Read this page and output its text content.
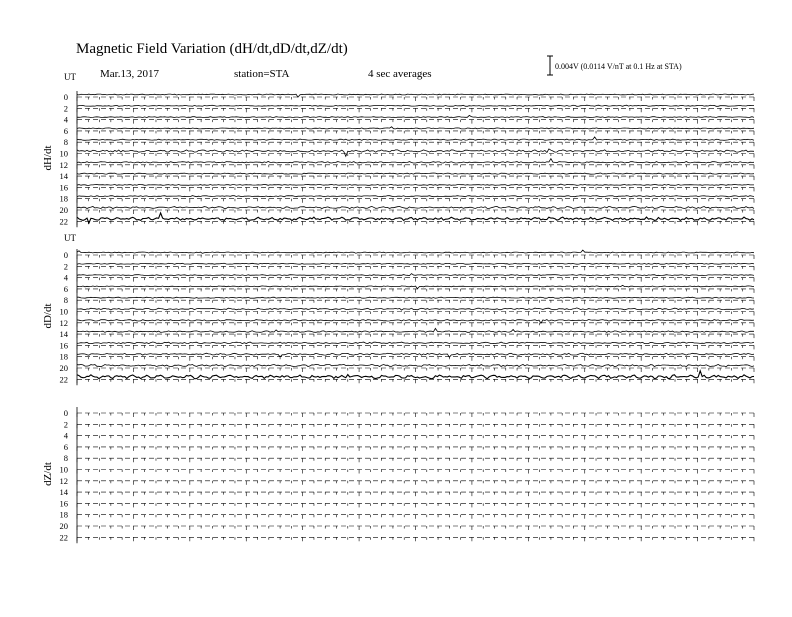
Magnetic Field Variation (dH/dt,dD/dt,dZ/dt)
Mar.13, 2017	station=STA	4 sec averages
0.004V (0.0114 V/nT at 0.1 Hz at STA)
dH/dt
UT
0
2
4
6
8
10
12
14
16
18
20
22
dD/dt
UT
0
2
4
6
8
10
12
14
16
18
20
22
dZ/dt
0
2
4
6
8
10
12
14
16
18
20
22
